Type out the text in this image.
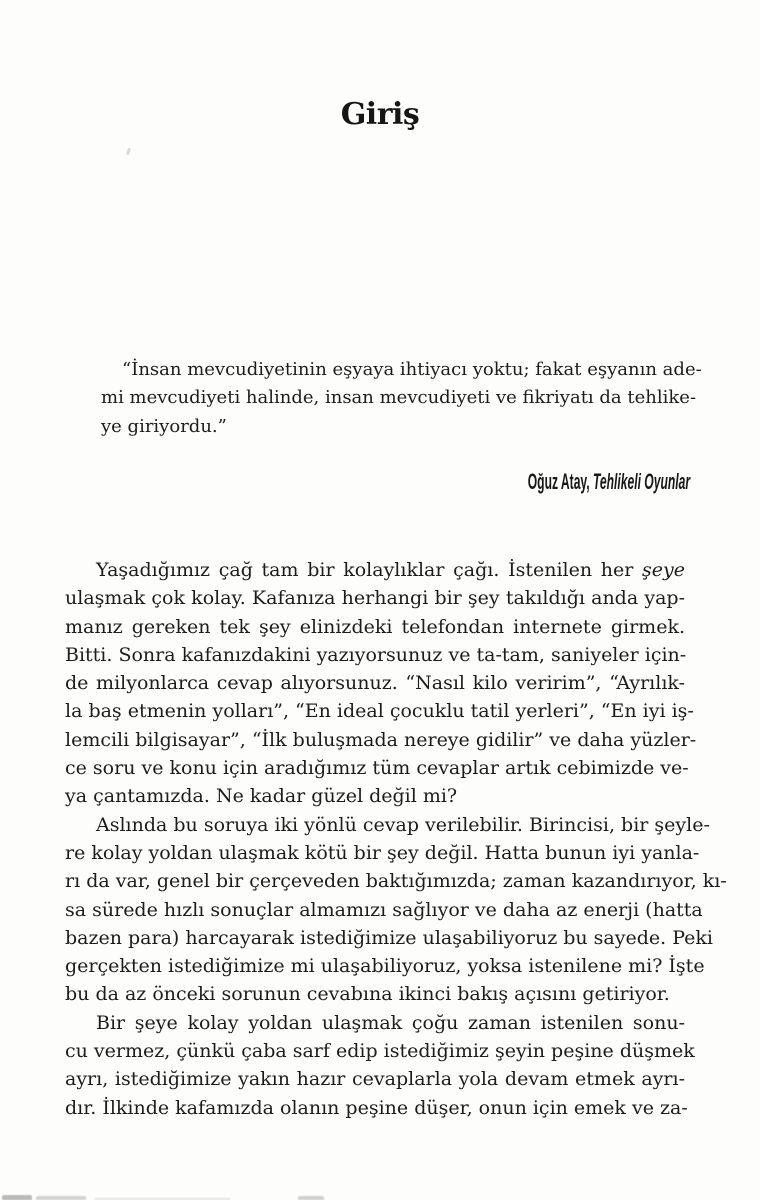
Giriş
“İnsan mevcudiyetinin eşyaya ihtiyacı yoktu; fakat eşyanın ade-
mi mevcudiyeti halinde, insan mevcudiyeti ve fikriyatı da tehlike-
ye giriyordu.”
Oğuz Atay, Tehlikeli Oyunlar
Yaşadığımız çağ tam bir kolaylıklar çağı. İstenilen her şeye
ulaşmak çok kolay. Kafanıza herhangi bir şey takıldığı anda yap-
manız gereken tek şey elinizdeki telefondan internete girmek.
Bitti. Sonra kafanızdakini yazıyorsunuz ve ta-tam, saniyeler için-
de milyonlarca cevap alıyorsunuz. “Nasıl kilo veririm”, “Ayrılık-
la baş etmenin yolları”, “En ideal çocuklu tatil yerleri”, “En iyi iş-
lemcili bilgisayar”, “İlk buluşmada nereye gidilir” ve daha yüzler-
ce soru ve konu için aradığımız tüm cevaplar artık cebimizde ve-
ya çantamızda. Ne kadar güzel değil mi?
Aslında bu soruya iki yönlü cevap verilebilir. Birincisi, bir şeyle-
re kolay yoldan ulaşmak kötü bir şey değil. Hatta bunun iyi yanla-
rı da var, genel bir çerçeveden baktığımızda; zaman kazandırıyor, kı-
sa sürede hızlı sonuçlar almamızı sağlıyor ve daha az enerji (hatta
bazen para) harcayarak istediğimize ulaşabiliyoruz bu sayede. Peki
gerçekten istediğimize mi ulaşabiliyoruz, yoksa istenilene mi? İşte
bu da az önceki sorunun cevabına ikinci bakış açısını getiriyor.
Bir şeye kolay yoldan ulaşmak çoğu zaman istenilen sonu-
cu vermez, çünkü çaba sarf edip istediğimiz şeyin peşine düşmek
ayrı, istediğimize yakın hazır cevaplarla yola devam etmek ayrı-
dır. İlkinde kafamızda olanın peşine düşer, onun için emek ve za-
